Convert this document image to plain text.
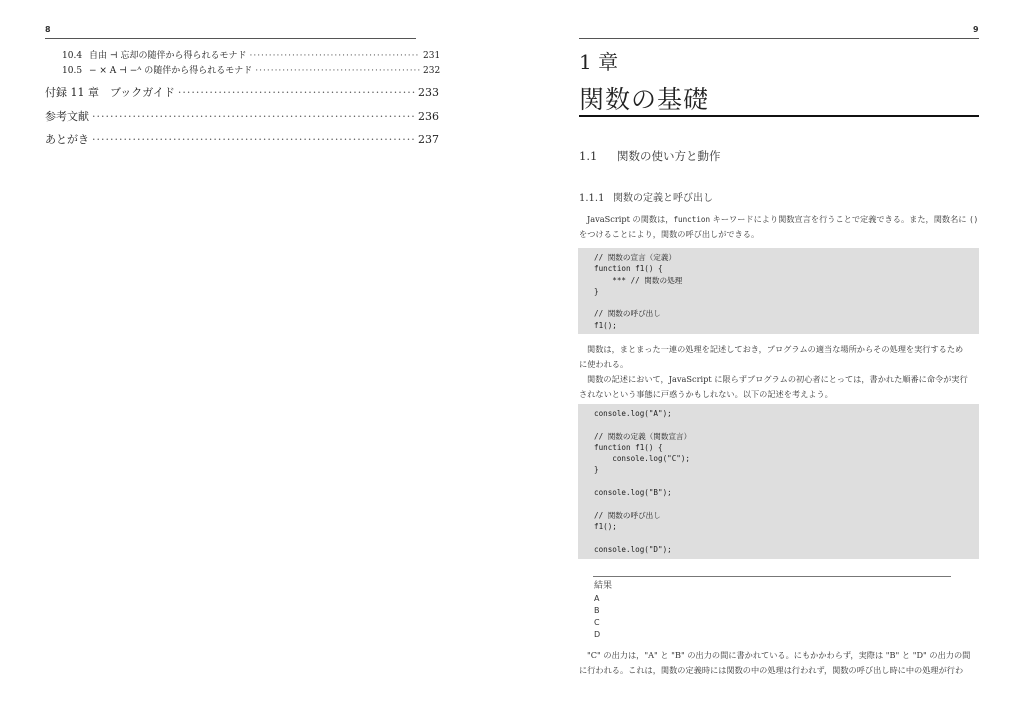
8
10.4 自由 ⊣ 忘却の随伴から得られるモナド ·····	231
10.5 − × A ⊣ −ᴬ の随伴から得られるモナド ·····	232
付録 11 章　ブックガイド ·····	233
参考文献 ·····	236
あとがき ·····	237
9
1 章
関数の基礎
1.1 関数の使い方と動作
1.1.1 関数の定義と呼び出し
JavaScript の関数は，function キーワードにより関数宣言を行うことで定義できる。また，関数名に ()
をつけることにより，関数の呼び出しができる。
// 関数の宣言（定義）
function f1() {
*** // 関数の処理
}
// 関数の呼び出し
f1();
関数は，まとまった一連の処理を記述しておき，プログラムの適当な場所からその処理を実行するため
に使われる。
関数の記述において，JavaScript に限らずプログラムの初心者にとっては，書かれた順番に命令が実行
されないという事態に戸惑うかもしれない。以下の記述を考えよう。
console.log("A");
// 関数の定義（関数宣言）
function f1() {
console.log("C");
}
console.log("B");
// 関数の呼び出し
f1();
console.log("D");
結果
A
B
C
D
"C" の出力は，"A" と "B" の出力の間に書かれている。にもかかわらず，実際は "B" と "D" の出力の間
に行われる。これは，関数の定義時には関数の中の処理は行われず，関数の呼び出し時に中の処理が行わ
